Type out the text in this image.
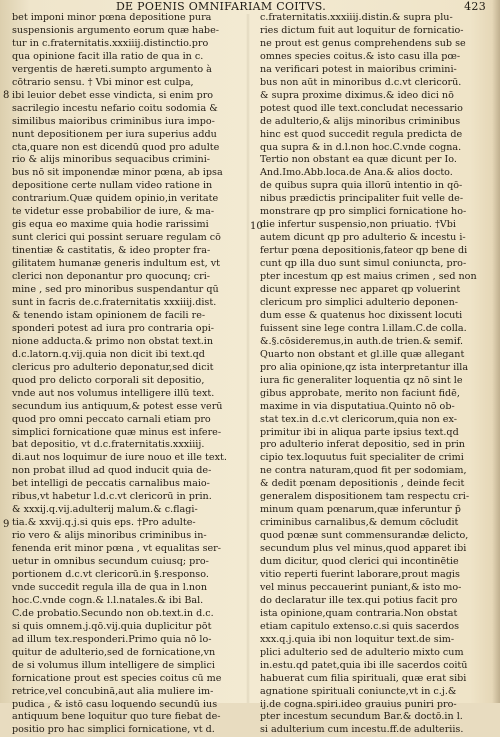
DE POENIS OMNIFARIAM COITVS.	423
8
10
9
bet imponi minor pœna depositione pura
suspensionis argumento eorum quæ habe-
tur in c.fraternitatis.xxxiiij.distinctio.pro
qua opinione facit illa ratio de qua in c.
vergentis de hæreti.sumpto argumento à
cōtrario sensu. † Vbi minor est culpa,
ibi leuior debet esse vindicta, si enim pro
sacrilegio incestu nefario coitu sodomia &
similibus maioribus criminibus iura impo-
nunt depositionem per iura superius addu
cta,quare non est dicendū quod pro adulte
rio & alijs minoribus sequacibus crimini-
bus nō sit imponendæ minor pœna, ab ipsa
depositione certe nullam video ratione in
contrarium.Quæ quidem opinio,in veritate
te videtur esse probabilior de iure, & ma-
gis equa eo maxime quia hodie rarissimi
sunt clerici qui possint seruare regulam cō
tinentiæ & castitatis, & ideo propter fra-
gilitatem humanæ generis indultum est, vt
clerici non deponantur pro quocunq; cri-
mine , sed pro minoribus suspendantur qū
sunt in facris de.c.fraternitatis xxxiiij.dist.
& tenendo istam opinionem de facili re-
sponderi potest ad iura pro contraria opi-
nione adducta.& primo non obstat text.in
d.c.latorn.q.vij.quia non dicit ibi text.qd
clericus pro adulterio deponatur,sed dicit
quod pro delicto corporali sit depositio,
vnde aut nos volumus intelligere illū text.
secundum ius antiquum,& potest esse verū
quod pro omni peccato carnali etiam pro
simplici fornicatione quæ minus est infere-
bat depositio, vt d.c.fraternitatis.xxxiiij.
di.aut nos loquimur de iure nouo et ille text.
non probat illud ad quod inducit quia de-
bet intelligi de peccatis carnalibus maio-
ribus,vt habetur l.d.c.vt clericorū in prin.
& xxxij.q.vij.adulterij malum.& c.flagi-
tia.& xxvij.q.j.si quis eps. †Pro adulte-
rio vero & alijs minoribus criminibus in-
fenenda erit minor pœna , vt equalitas ser-
uetur in omnibus secundum cuiusq; pro-
portionem d.c.vt clericorū.in §.responso.
vnde succedit regula illa de qua in l.non
hoc.C.vnde cogn.& l.l.natales.& ibi Bal.
C.de probatio.Secundo non ob.text.in d.c.
si quis omnem.j.qō.vij.quia duplicitur pōt
ad illum tex.responderi.Primo quia nō lo-
quitur de adulterio,sed de fornicatione,vn
de si volumus illum intelligere de simplici
fornicatione prout est species coitus cū me
retrice,vel concubinā,aut alia muliere im-
pudica , & istō casu loquendo secundū ius
antiquum bene loquitur quo ture fiebat de-
positio pro hac simplici fornicatione, vt d.
c.fraternitatis.xxxiiij.distin.& supra plu-
ries dictum fuit aut loquitur de fornicatio-
ne prout est genus comprehendens sub se
omnes species coitus.& isto casu illa pœ-
na verificari potest in maioribus crimini-
bus non aūt in minoribus d.c.vt clericorū.
& supra proxime diximus.& ideo dici nō
potest quod ille text.concludat necessario
de adulterio,& alijs minoribus criminibus
hinc est quod succedit regula predicta de
qua supra & in d.l.non hoc.C.vnde cogna.
Tertio non obstant ea quæ dicunt per Io.
And.Imo.Abb.loca.de Ana.& alios docto.
de quibus supra quia illorū intentio in qō-
nibus prædictis principaliter fuit velle de-
monstrare qp pro simplici fornicatione ho-
die infertur suspensio,non priuatio. †Vbi
autem dicunt qp pro adulterio & incestu i-
fertur pœna depositionis,fateor qp bene di
cunt qp illa duo sunt simul coniuncta, pro-
pter incestum qp est maius crimen , sed non
dicunt expresse nec apparet qp voluerint
clericum pro simplici adulterio deponen-
dum esse & quatenus hoc dixissent locuti
fuissent sine lege contra l.illam.C.de colla.
&.§.cōsideremus,in auth.de trien.& semif.
Quarto non obstant et gl.ille quæ allegant
pro alia opinione,qz ista interpretantur illa
iura fic generaliter loquentia qz nō sint le
gibus approbate, merito non faciunt fidē,
maxime in via disputatiua.Quinto nō ob-
stat tex.in d.c.vt clericorum,quia non ex-
primitur ibi in aliqua parte ipsius text.qd
pro adulterio inferat depositio, sed in prin
cipio tex.loquutus fuit specialiter de crimi
ne contra naturam,quod fit per sodomiam,
& dedit pœnam depositionis , deinde fecit
generalem dispositionem tam respectu cri-
minum quam pœnarum,quæ inferuntur p̄
criminibus carnalibus,& demum cōcludit
quod pœnæ sunt commensurandæ delicto,
secundum plus vel minus,quod apparet ibi
dum dicitur, quod clerici qui incontinētie
vitio reperti fuerint laborare,prout magis
vel minus peccauerint puniant,& isto mo-
do declaratur ille tex.qui potius facit pro
ista opinione,quam contraria.Non obstat
etiam capitulo extenso.c.si quis sacerdos
xxx.q.j.quia ibi non loquitur text.de sim-
plici adulterio sed de adulterio mixto cum
in.estu.qd patet,quia ibi ille sacerdos coitū
habuerat cum filia spirituali, quæ erat sibi
agnatione spirituali coniuncte,vt in c.j.&
ij.de cogna.spiri.ideo grauius puniri pro-
pter incestum secundum Bar.& doctō.in l.
si adulterium cum incestu.ff.de adulteriis.
